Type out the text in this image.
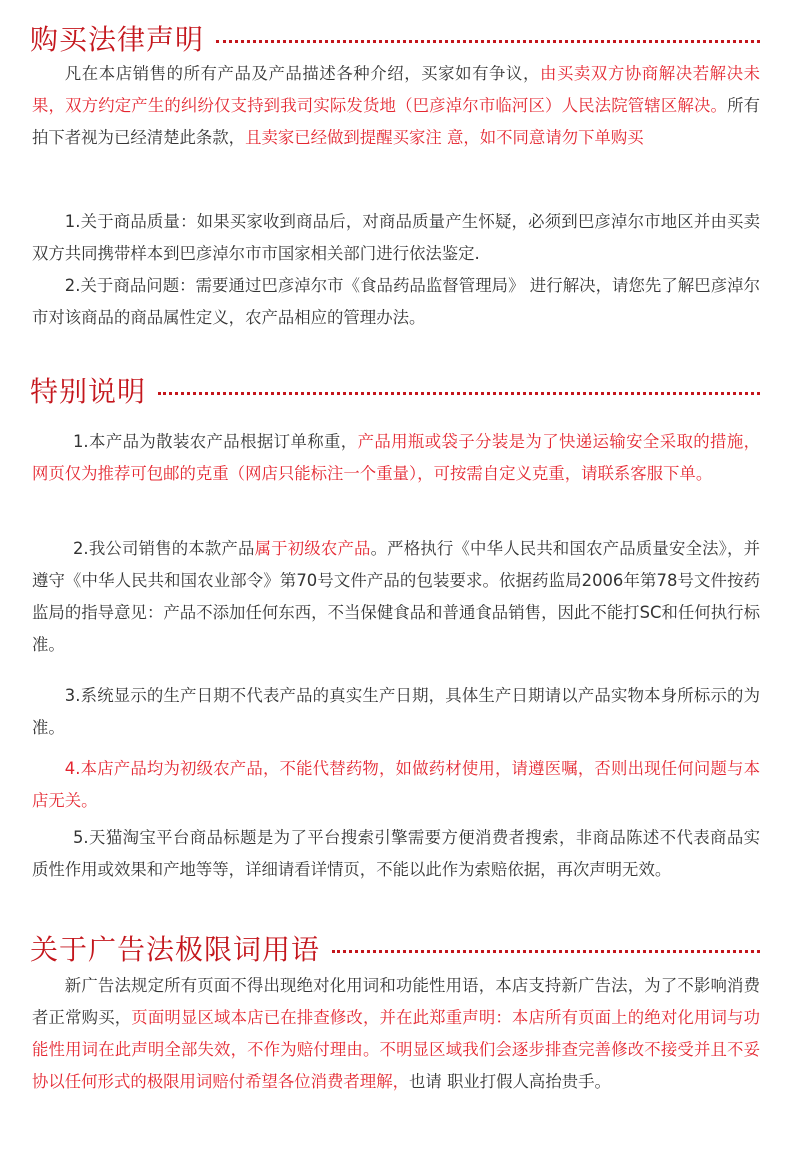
购买法律声明
凡在本店销售的所有产品及产品描述各种介绍，买家如有争议，由买卖双方协商解决若解决未果，双方约定产生的纠纷仅支持到我司实际发货地（巴彦淖尔市临河区）人民法院管辖区解决。所有拍下者视为已经清楚此条款，且卖家已经做到提醒买家注 意，如不同意请勿下单购买
1.关于商品质量：如果买家收到商品后，对商品质量产生怀疑，必须到巴彦淖尔市地区并由买卖双方共同携带样本到巴彦淖尔市市国家相关部门进行依法鉴定.
2.关于商品问题：需要通过巴彦淖尔市《食品药品监督管理局》 进行解决，请您先了解巴彦淖尔市对该商品的商品属性定义，农产品相应的管理办法。
特别说明
1.本产品为散装农产品根据订单称重，产品用瓶或袋子分装是为了快递运输安全采取的措施，网页仅为推荐可包邮的克重（网店只能标注一个重量），可按需自定义克重，请联系客服下单。
2.我公司销售的本款产品属于初级农产品。严格执行《中华人民共和国农产品质量安全法》，并遵守《中华人民共和国农业部令》第70号文件产品的包装要求。依据药监局2006年第78号文件按药监局的指导意见：产品不添加任何东西，不当保健食品和普通食品销售，因此不能打SC和任何执行标准。
3.系统显示的生产日期不代表产品的真实生产日期，具体生产日期请以产品实物本身所标示的为准。
4.本店产品均为初级农产品，不能代替药物，如做药材使用，请遵医嘱，否则出现任何问题与本店无关。
5.天猫淘宝平台商品标题是为了平台搜索引擎需要方便消费者搜索，非商品陈述不代表商品实质性作用或效果和产地等等，详细请看详情页，不能以此作为索赔依据，再次声明无效。
关于广告法极限词用语
新广告法规定所有页面不得出现绝对化用词和功能性用语，本店支持新广告法，为了不影响消费者正常购买，页面明显区域本店已在排查修改，并在此郑重声明：本店所有页面上的绝对化用词与功能性用词在此声明全部失效，不作为赔付理由。不明显区域我们会逐步排查完善修改不接受并且不妥协以任何形式的极限用词赔付希望各位消费者理解，也请 职业打假人高抬贵手。
